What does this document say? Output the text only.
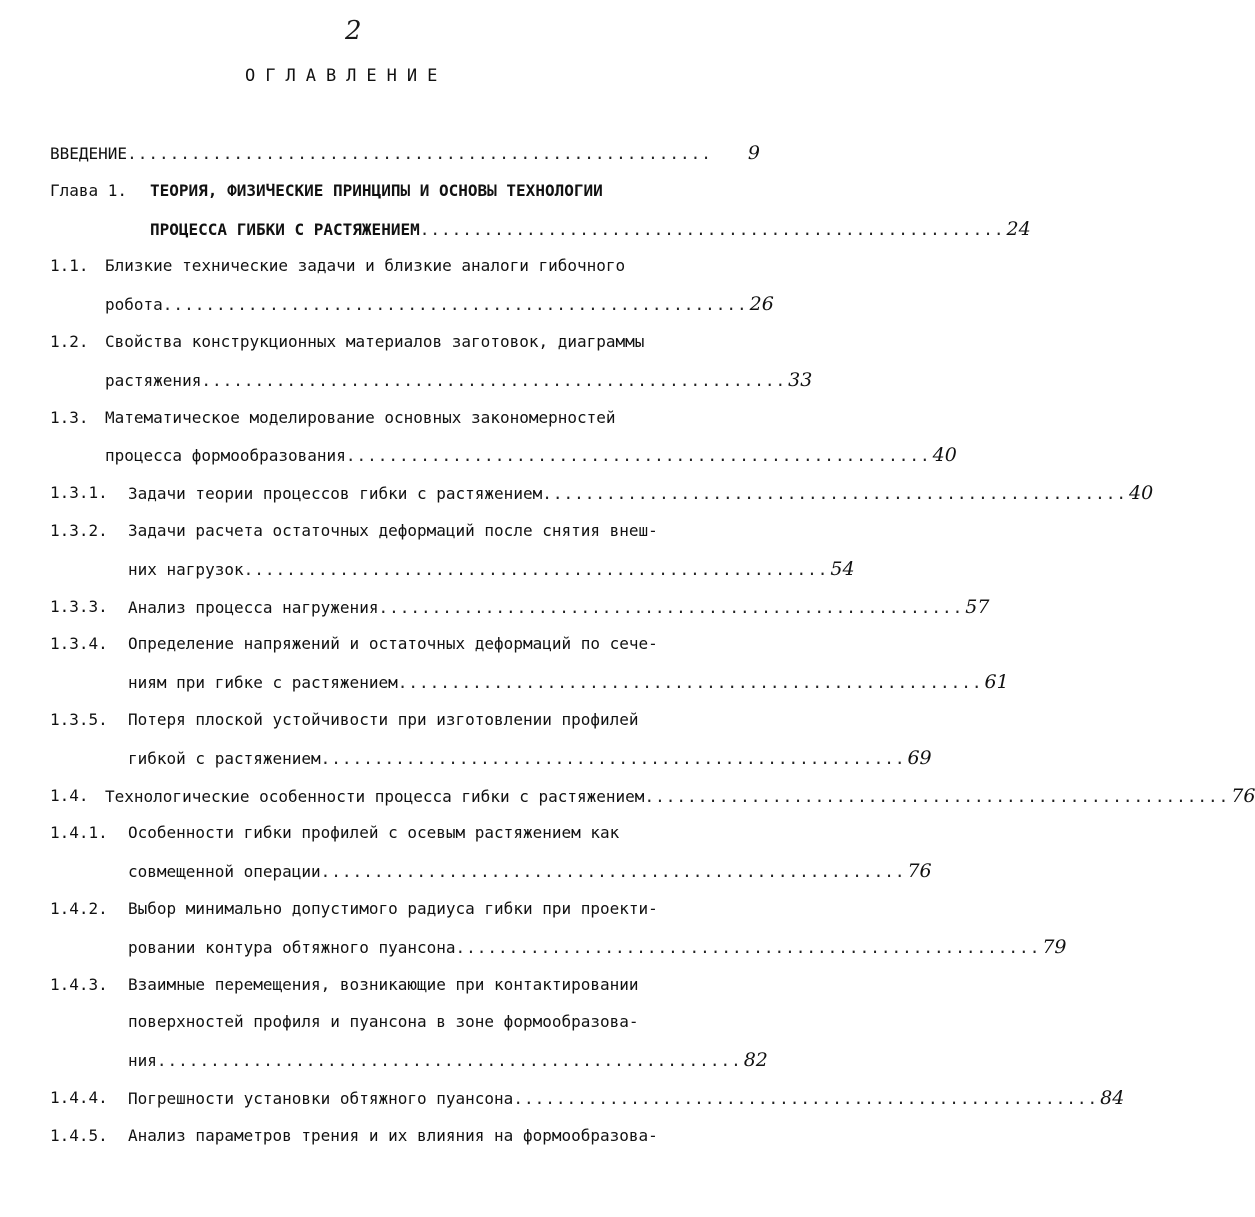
2
ОГЛАВЛЕНИЕ
ВВЕДЕНИЕ .......................................................	9
Глава 1. ТЕОРИЯ, ФИЗИЧЕСКИЕ ПРИНЦИПЫ И ОСНОВЫ ТЕХНОЛОГИИ
ПРОЦЕССА ГИБКИ С РАСТЯЖЕНИЕМ ....................................................... 24
1.1. Близкие технические задачи и близкие аналоги гибочного
робота ....................................................... 26
1.2. Свойства конструкционных материалов заготовок, диаграммы
растяжения ....................................................... 33
1.3. Математическое моделирование основных закономерностей
процесса формообразования ....................................................... 40
1.3.1. Задачи теории процессов гибки с растяжением ....................................................... 40
1.3.2. Задачи расчета остаточных деформаций после снятия внеш-
них нагрузок ....................................................... 54
1.3.3. Анализ процесса нагружения ....................................................... 57
1.3.4. Определение напряжений и остаточных деформаций по сече-
ниям при гибке с растяжением ....................................................... 61
1.3.5. Потеря плоской устойчивости при изготовлении профилей
гибкой с растяжением ....................................................... 69
1.4. Технологические особенности процесса гибки с растяжением ....................................................... 76
1.4.1. Особенности гибки профилей с осевым растяжением как
совмещенной операции ....................................................... 76
1.4.2. Выбор минимально допустимого радиуса гибки при проекти-
ровании контура обтяжного пуансона ....................................................... 79
1.4.3. Взаимные перемещения, возникающие при контактировании
поверхностей профиля и пуансона в зоне формообразова-
ния ....................................................... 82
1.4.4. Погрешности установки обтяжного пуансона ....................................................... 84
1.4.5. Анализ параметров трения и их влияния на формообразова-
